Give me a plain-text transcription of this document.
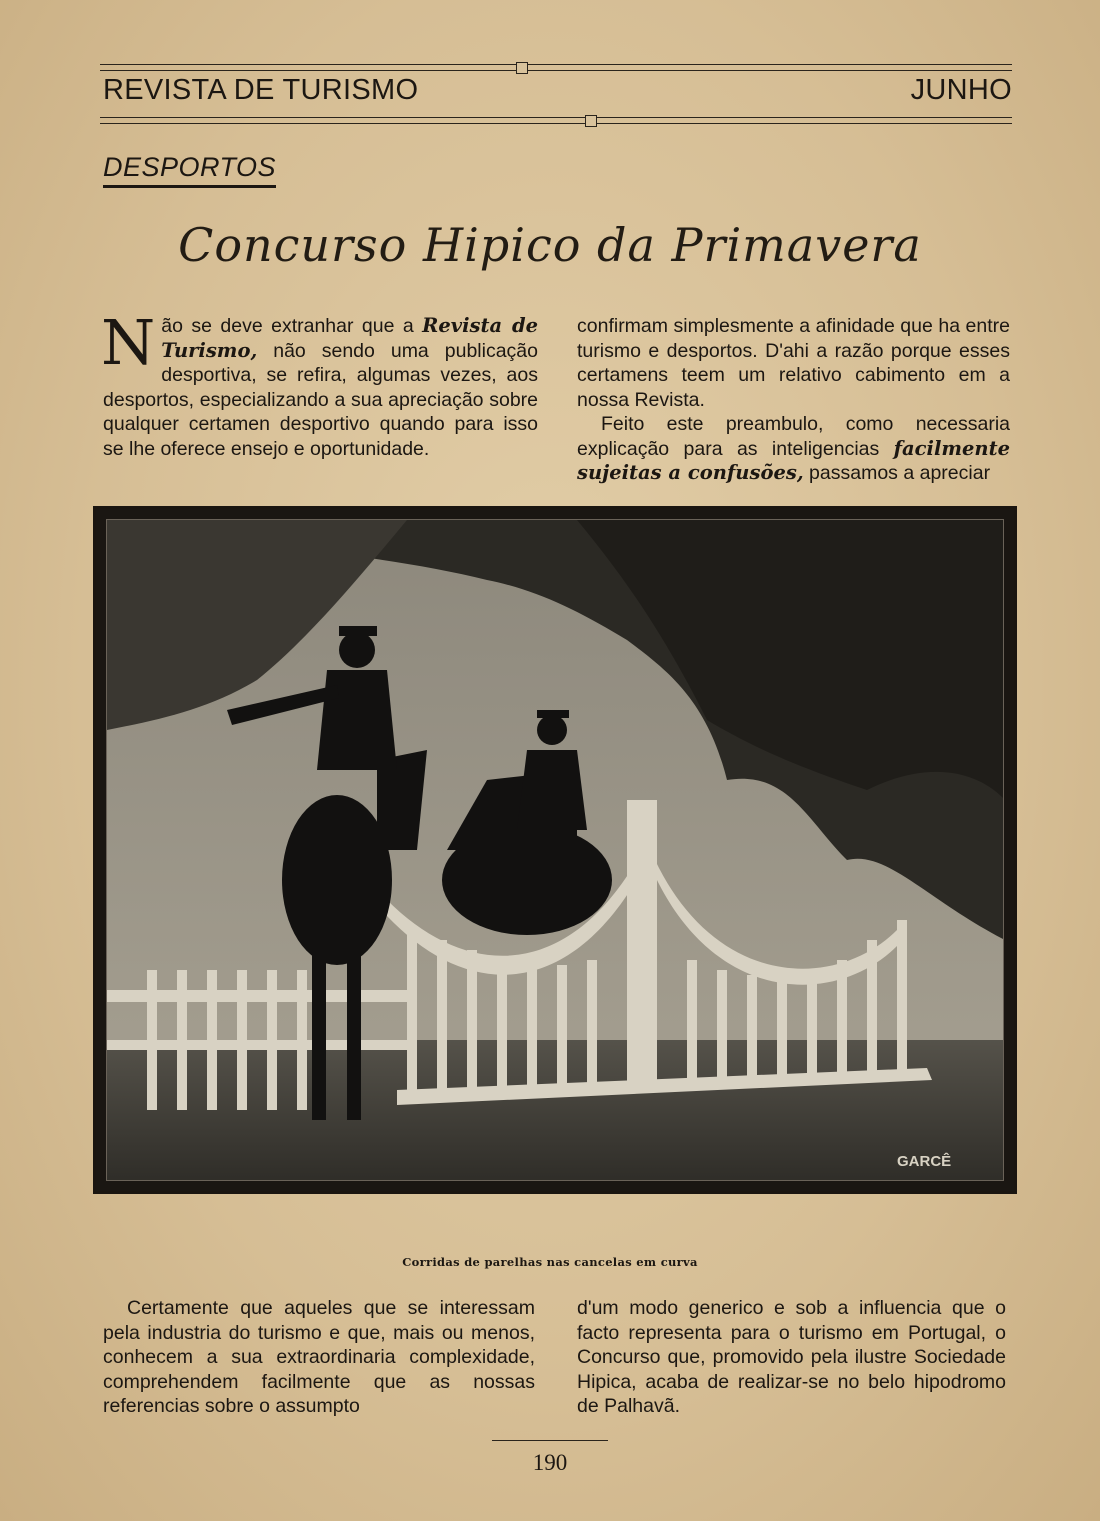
REVISTA DE TURISMO	JUNHO
DESPORTOS
Concurso Hipico da Primavera

Não se deve extranhar que a Revista de Turismo, não sendo uma publicação desportiva, se refira, algumas vezes, aos desportos, especializando a sua apreciação sobre qualquer certamen desportivo quando para isso se lhe oferece ensejo e oportunidade.

confirmam simplesmente a afinidade que ha entre turismo e desportos. D'ahi a razão porque esses certamens teem um relativo cabimento em a nossa Revista.

Feito este preambulo, como necessaria explicação para as inteligencias facilmente sujeitas a confusões, passamos a apreciar

GARCÊ
Corridas de parelhas nas cancelas em curva

Certamente que aqueles que se interessam pela industria do turismo e que, mais ou menos, conhecem a sua extraordinaria complexidade, comprehendem facilmente que as nossas referencias sobre o assumpto

d'um modo generico e sob a influencia que o facto representa para o turismo em Portugal, o Concurso que, promovido pela ilustre Sociedade Hipica, acaba de realizar-se no belo hipodromo de Palhavã.

190
